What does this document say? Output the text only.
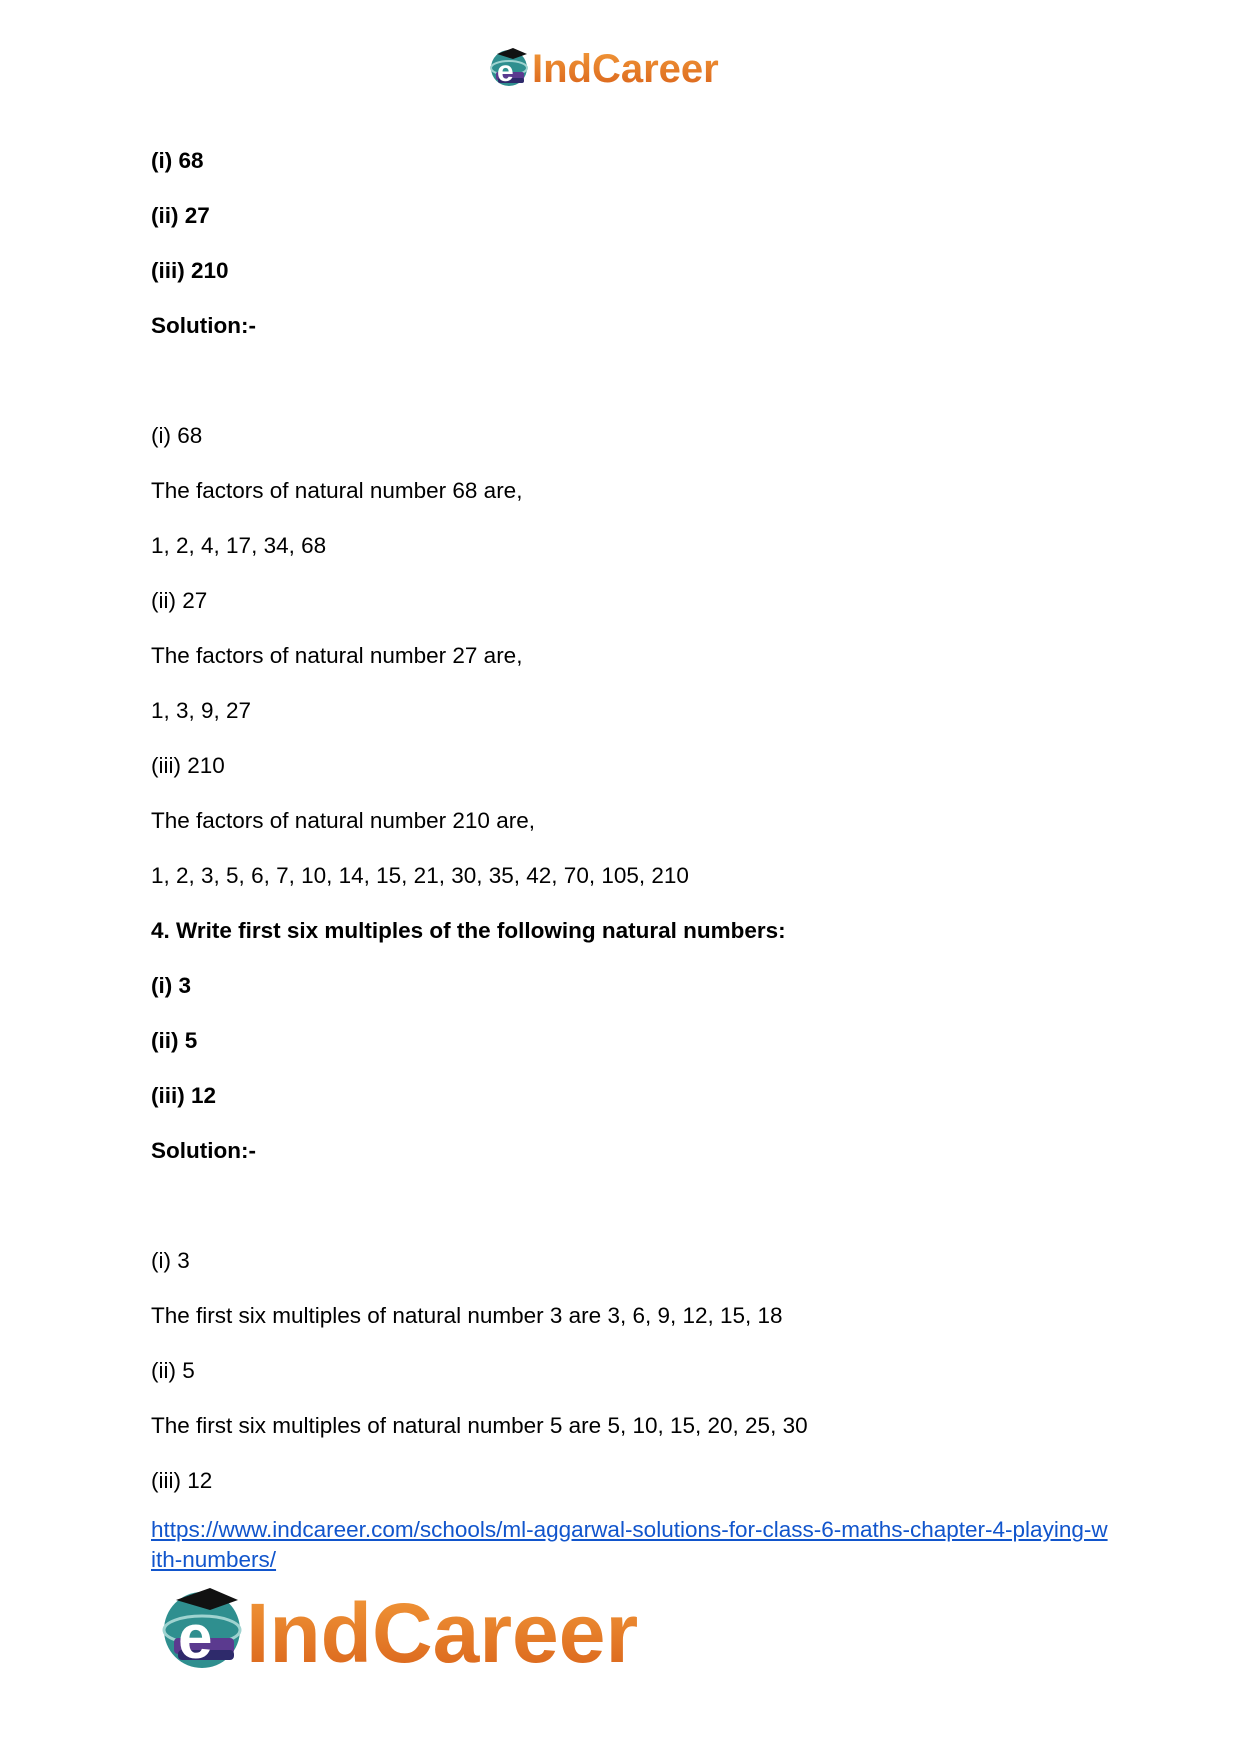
e IndCareer
(i) 68
(ii) 27
(iii) 210
Solution:-
(i) 68
The factors of natural number 68 are,
1, 2, 4, 17, 34, 68
(ii) 27
The factors of natural number 27 are,
1, 3, 9, 27
(iii) 210
The factors of natural number 210 are,
1, 2, 3, 5, 6, 7, 10, 14, 15, 21, 30, 35, 42, 70, 105, 210
4. Write first six multiples of the following natural numbers:
(i) 3
(ii) 5
(iii) 12
Solution:-
(i) 3
The first six multiples of natural number 3 are 3, 6, 9, 12, 15, 18
(ii) 5
The first six multiples of natural number 5 are 5, 10, 15, 20, 25, 30
(iii) 12
https://www.indcareer.com/schools/ml-aggarwal-solutions-for-class-6-maths-chapter-4-playing-with-numbers/
e IndCareer
